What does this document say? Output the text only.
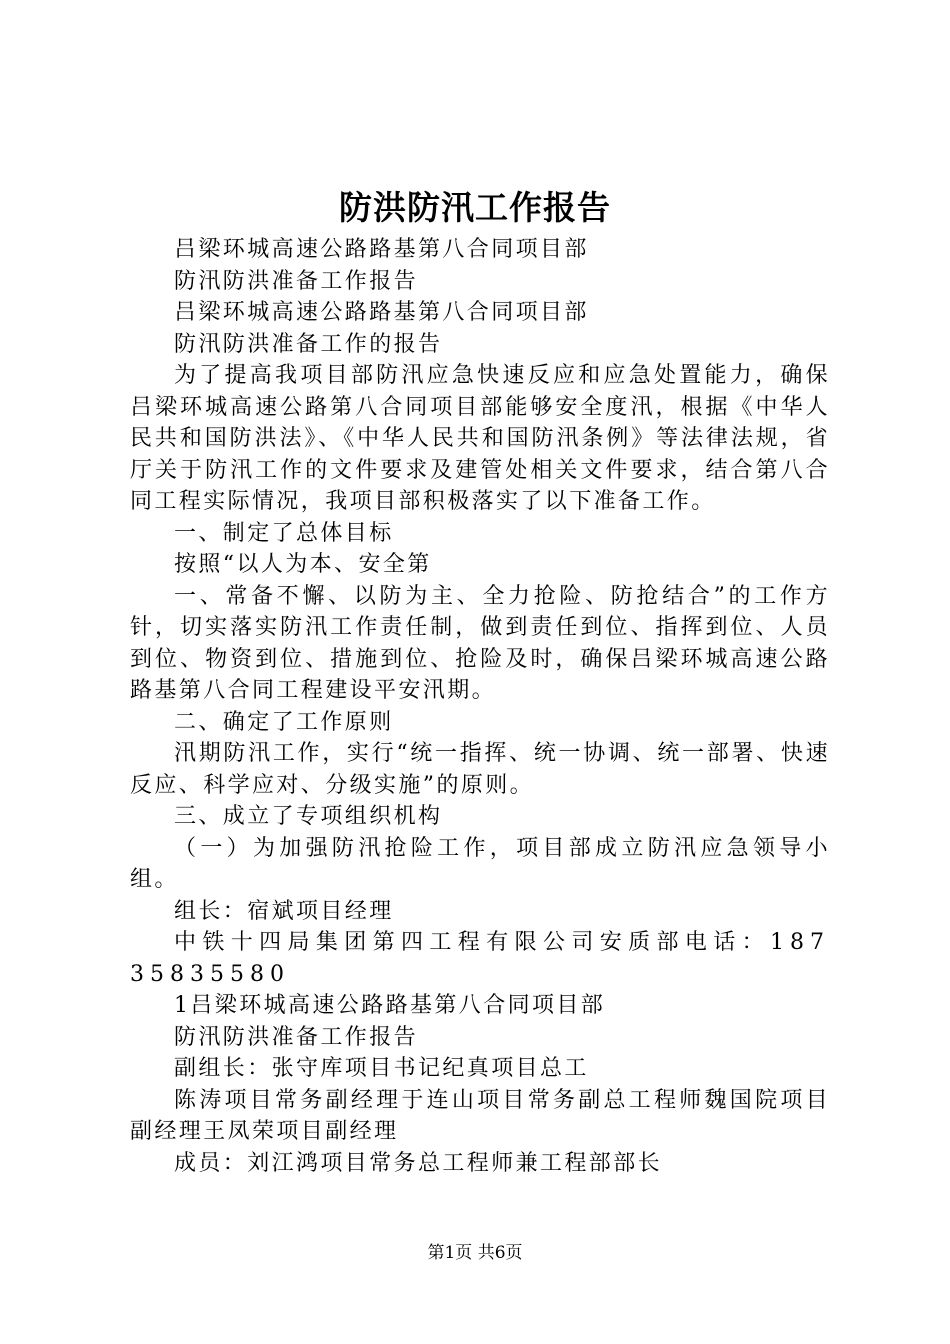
防洪防汛工作报告

吕梁环城高速公路路基第八合同项目部

防汛防洪准备工作报告

吕梁环城高速公路路基第八合同项目部

防汛防洪准备工作的报告

为了提高我项目部防汛应急快速反应和应急处置能力，确保吕梁环城高速公路第八合同项目部能够安全度汛，根据《中华人民共和国防洪法》、《中华人民共和国防汛条例》等法律法规，省厅关于防汛工作的文件要求及建管处相关文件要求，结合第八合同工程实际情况，我项目部积极落实了以下准备工作。

一、制定了总体目标

按照“以人为本、安全第

一、常备不懈、以防为主、全力抢险、防抢结合”的工作方针，切实落实防汛工作责任制，做到责任到位、指挥到位、人员到位、物资到位、措施到位、抢险及时，确保吕梁环城高速公路路基第八合同工程建设平安汛期。

二、确定了工作原则

汛期防汛工作，实行“统一指挥、统一协调、统一部署、快速反应、科学应对、分级实施”的原则。

三、成立了专项组织机构

（一）为加强防汛抢险工作，项目部成立防汛应急领导小组。

组长：宿斌项目经理

中铁十四局集团第四工程有限公司安质部电话：18735835580

1吕梁环城高速公路路基第八合同项目部

防汛防洪准备工作报告

副组长：张守库项目书记纪真项目总工

陈涛项目常务副经理于连山项目常务副总工程师魏国院项目副经理王凤荣项目副经理

成员：刘江鸿项目常务总工程师兼工程部部长

第1页 共6页
